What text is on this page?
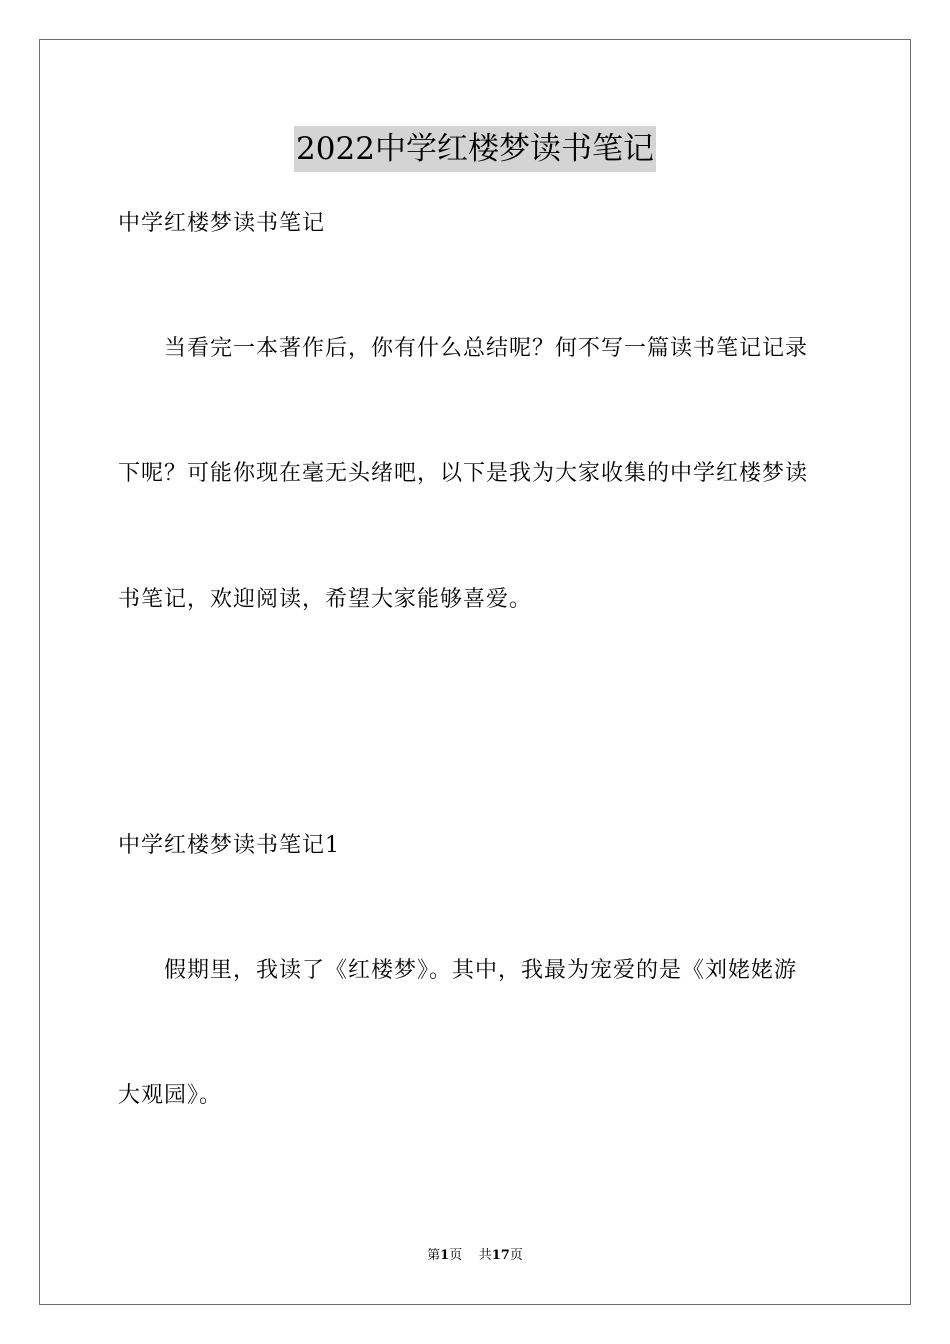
2022中学红楼梦读书笔记
中学红楼梦读书笔记
当看完一本著作后，你有什么总结呢？何不写一篇读书笔记记录
下呢？可能你现在毫无头绪吧，以下是我为大家收集的中学红楼梦读
书笔记，欢迎阅读，希望大家能够喜爱。
中学红楼梦读书笔记1
假期里，我读了《红楼梦》。其中，我最为宠爱的是《刘姥姥游
大观园》。
第1页 共17页
